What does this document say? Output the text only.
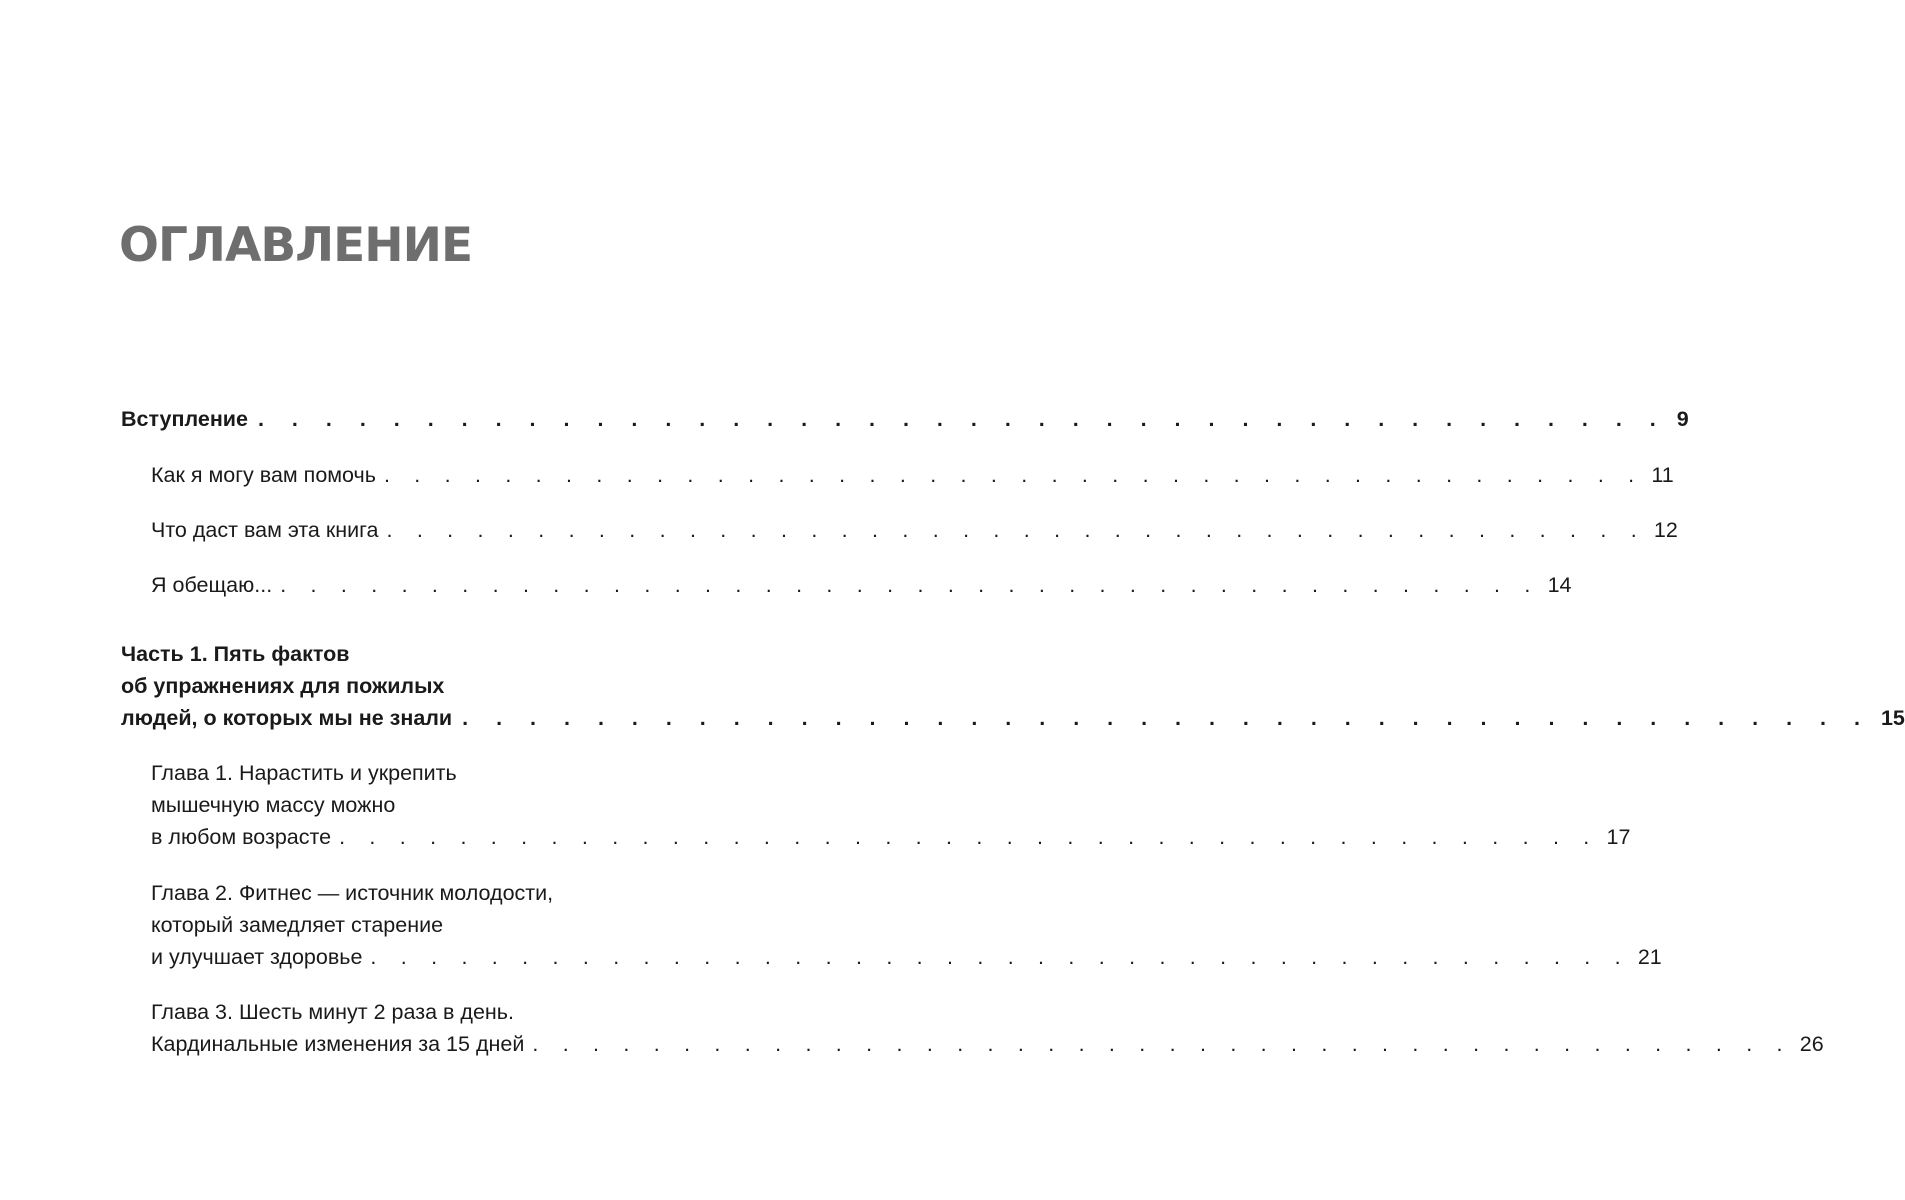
ОГЛАВЛЕНИЕ
Вступление . . . . . . . . . . . . . . . . . . . . . . . . . . . . . . . . . . . . . . . . . . 9
Как я могу вам помочь . . . . . . . . . . . . . . . . . . . . . . . . . . . . . . . . . . . . . . . . . . 11
Что даст вам эта книга . . . . . . . . . . . . . . . . . . . . . . . . . . . . . . . . . . . . . . . . . . 12
Я обещаю... . . . . . . . . . . . . . . . . . . . . . . . . . . . . . . . . . . . . . . . . . . 14
Часть 1. Пять фактов
об упражнениях для пожилых
людей, о которых мы не знали . . . . . . . . . . . . . . . . . . . . . . . . . . . . . . . . . . . . . . . . . . 15
Глава 1. Нарастить и укрепить
мышечную массу можно
в любом возрасте . . . . . . . . . . . . . . . . . . . . . . . . . . . . . . . . . . . . . . . . . . 17
Глава 2. Фитнес — источник молодости,
который замедляет старение
и улучшает здоровье . . . . . . . . . . . . . . . . . . . . . . . . . . . . . . . . . . . . . . . . . . 21
Глава 3. Шесть минут 2 раза в день.
Кардинальные изменения за 15 дней . . . . . . . . . . . . . . . . . . . . . . . . . . . . . . . . . . . . . . . . . . 26
